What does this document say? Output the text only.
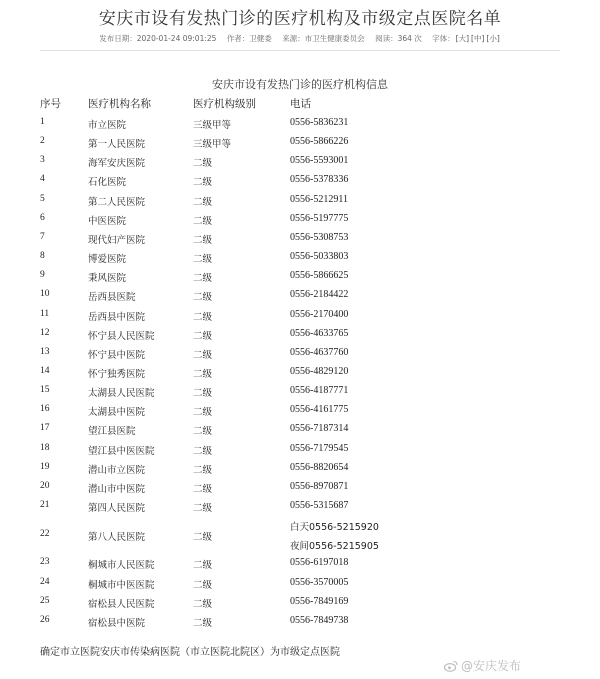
安庆市设有发热门诊的医疗机构及市级定点医院名单
发布日期：2020-01-24 09:01:25 作者：卫健委 来源：市卫生健康委员会 阅读：364 次 字体：[大] [中] [小]
安庆市设有发热门诊的医疗机构信息
序号	医疗机构名称	医疗机构级别	电话
1	市立医院	三级甲等	0556-5836231
2	第一人民医院	三级甲等	0556-5866226
3	海军安庆医院	二级	0556-5593001
4	石化医院	二级	0556-5378336
5	第二人民医院	二级	0556-5212911
6	中医医院	二级	0556-5197775
7	现代妇产医院	二级	0556-5308753
8	博爱医院	二级	0556-5033803
9	秉风医院	二级	0556-5866625
10	岳西县医院	二级	0556-2184422
11	岳西县中医院	二级	0556-2170400
12	怀宁县人民医院	二级	0556-4633765
13	怀宁县中医院	二级	0556-4637760
14	怀宁独秀医院	二级	0556-4829120
15	太湖县人民医院	二级	0556-4187771
16	太湖县中医院	二级	0556-4161775
17	望江县医院	二级	0556-7187314
18	望江县中医医院	二级	0556-7179545
19	潜山市立医院	二级	0556-8820654
20	潜山市中医院	二级	0556-8970871
21	第四人民医院	二级	0556-5315687
22	第八人民医院	二级
白天0556-5215920
夜间0556-5215905
23	桐城市人民医院	二级	0556-6197018
24	桐城市中医医院	二级	0556-3570005
25	宿松县人民医院	二级	0556-7849169
26	宿松县中医院	二级	0556-7849738
确定市立医院安庆市传染病医院（市立医院北院区）为市级定点医院
@安庆发布
